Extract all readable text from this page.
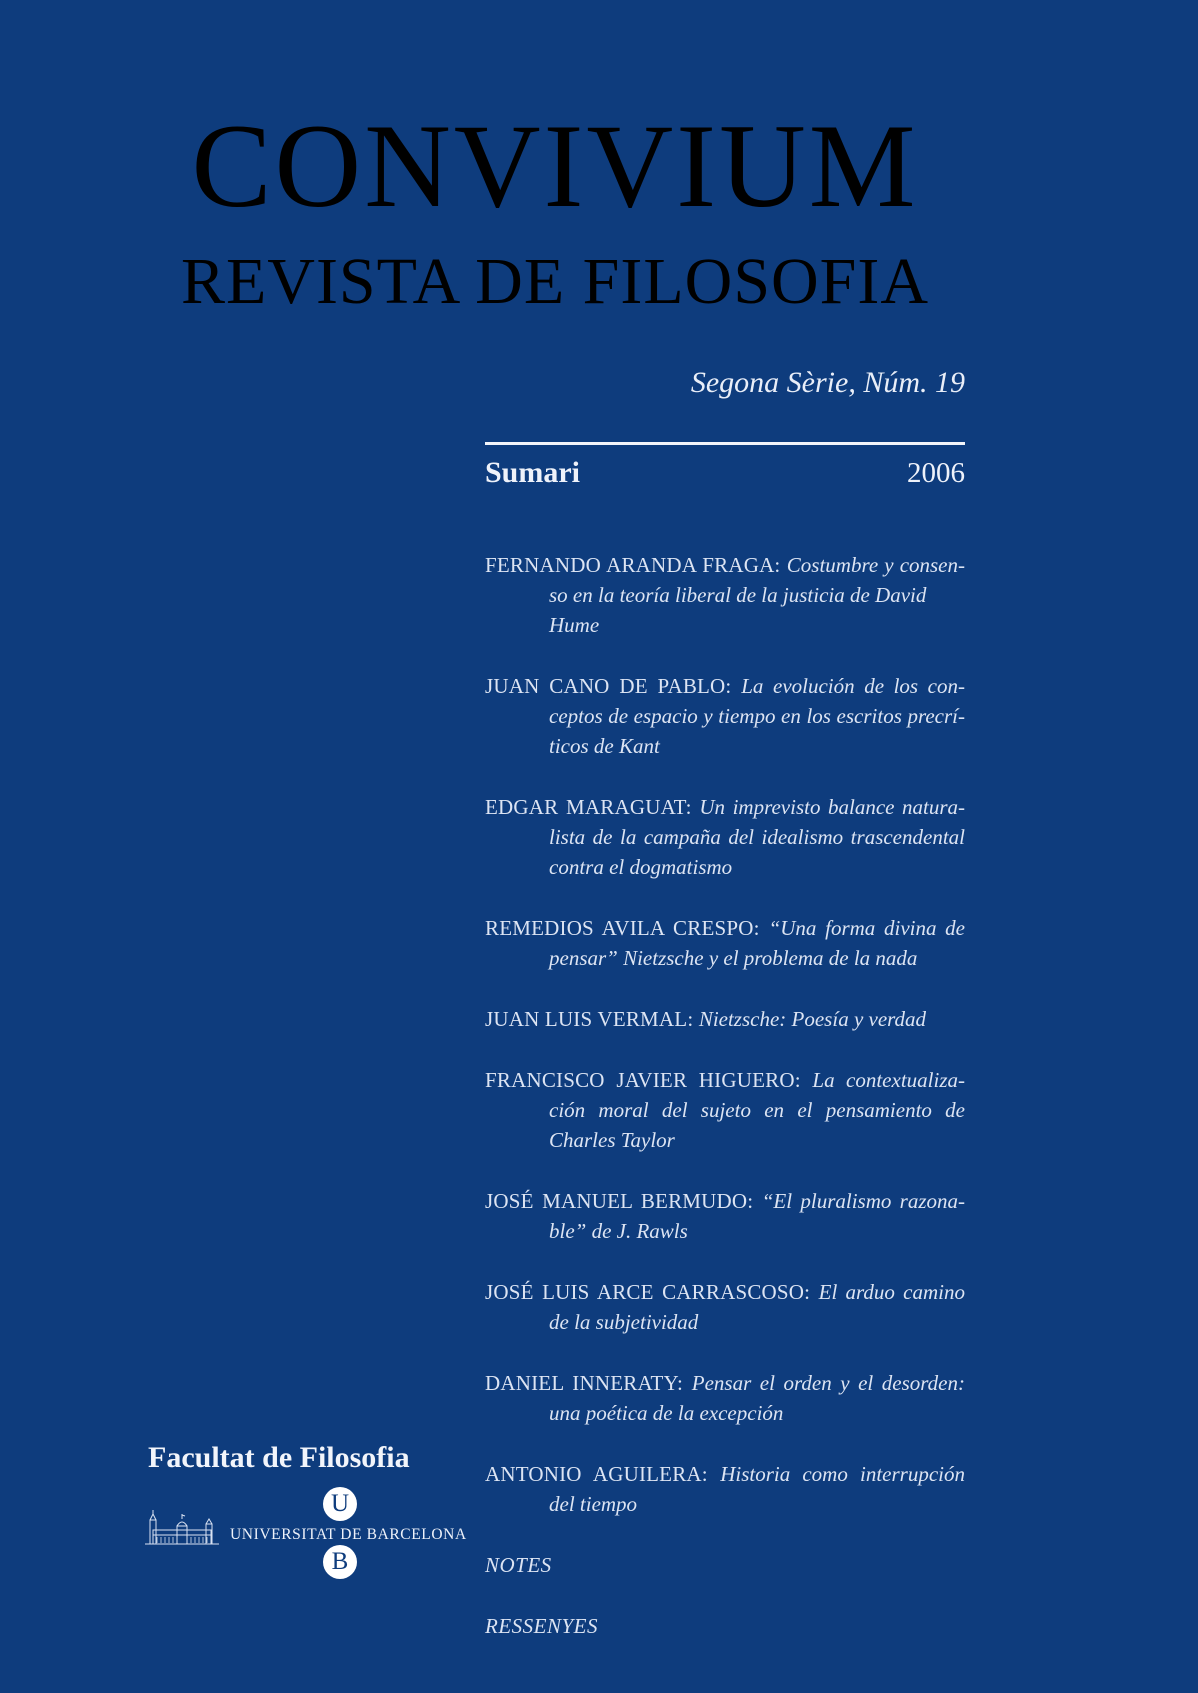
CONVIVIUM
REVISTA DE FILOSOFIA
Segona Sèrie, Núm. 19
Sumari	2006
FERNANDO ARANDA FRAGA: Costumbre y consen-
so en la teoría liberal de la justicia de David Hume
JUAN CANO DE PABLO: La evolución de los con-
ceptos de espacio y tiempo en los escritos precrí-
ticos de Kant
EDGAR MARAGUAT: Un imprevisto balance natura-
lista de la campaña del idealismo trascendental
contra el dogmatismo
REMEDIOS AVILA CRESPO: “Una forma divina de
pensar” Nietzsche y el problema de la nada
JUAN LUIS VERMAL: Nietzsche: Poesía y verdad
FRANCISCO JAVIER HIGUERO: La contextualiza-
ción moral del sujeto en el pensamiento de
Charles Taylor
JOSÉ MANUEL BERMUDO: “El pluralismo razona-
ble” de J. Rawls
JOSÉ LUIS ARCE CARRASCOSO: El arduo camino
de la subjetividad
DANIEL INNERATY: Pensar el orden y el desorden:
una poética de la excepción
ANTONIO AGUILERA: Historia como interrupción
del tiempo
NOTES
RESSENYES
Facultat de Filosofia
UNIVERSITAT DE BARCELONA
U
B
